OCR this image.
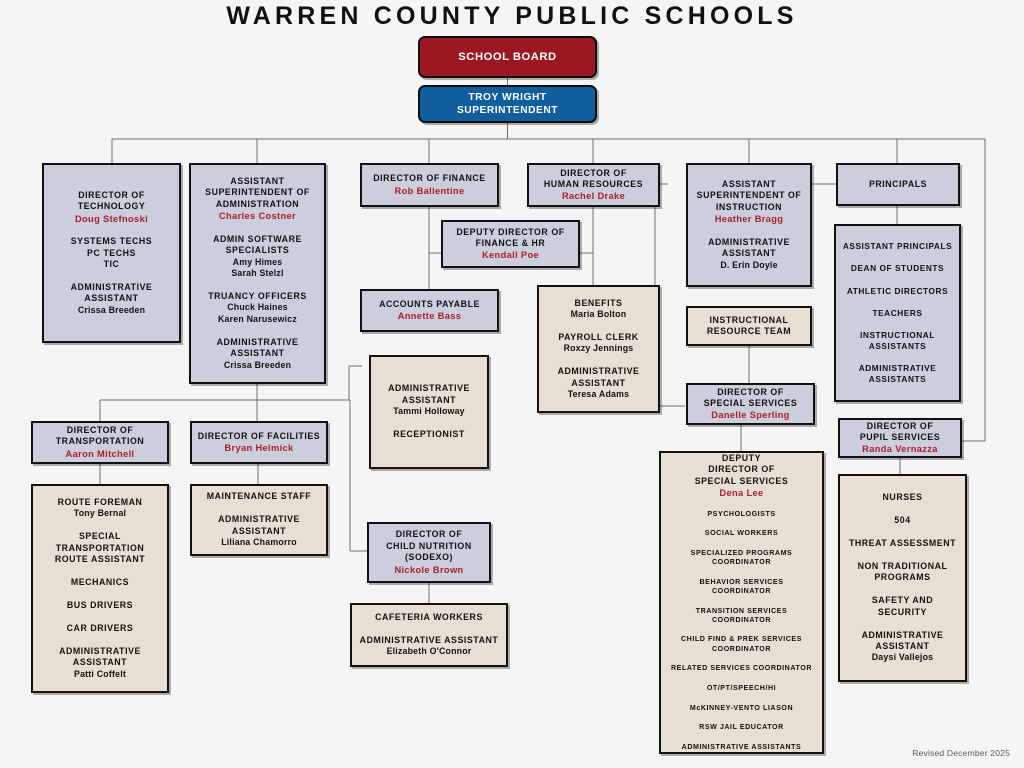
WARREN COUNTY PUBLIC SCHOOLS
SCHOOL BOARD
TROY WRIGHT
SUPERINTENDENT
DIRECTOR OF
TECHNOLOGY
Doug Stefnoski
SYSTEMS TECHS
PC TECHS
TIC
ADMINISTRATIVE
ASSISTANT
Crissa Breeden
ASSISTANT
SUPERINTENDENT OF
ADMINISTRATION
Charles Costner
ADMIN SOFTWARE
SPECIALISTS
Amy Himes
Sarah Stelzl
TRUANCY OFFICERS
Chuck Haines
Karen Narusewicz
ADMINISTRATIVE
ASSISTANT
Crissa Breeden
DIRECTOR OF FINANCE
Rob Ballentine
DEPUTY DIRECTOR OF
FINANCE & HR
Kendall Poe
ACCOUNTS PAYABLE
Annette Bass
DIRECTOR OF
HUMAN RESOURCES
Rachel Drake
BENEFITS
Maria Bolton
PAYROLL CLERK
Roxzy Jennings
ADMINISTRATIVE
ASSISTANT
Teresa Adams
ASSISTANT
SUPERINTENDENT OF
INSTRUCTION
Heather Bragg
ADMINISTRATIVE
ASSISTANT
D. Erin Doyle
INSTRUCTIONAL
RESOURCE TEAM
PRINCIPALS
ASSISTANT PRINCIPALS
DEAN OF STUDENTS
ATHLETIC DIRECTORS
TEACHERS
INSTRUCTIONAL
ASSISTANTS
ADMINISTRATIVE
ASSISTANTS
DIRECTOR OF
SPECIAL SERVICES
Danelle Sperling
DEPUTY
DIRECTOR OF
SPECIAL SERVICES
Dena Lee
PSYCHOLOGISTS
SOCIAL WORKERS
SPECIALIZED PROGRAMS
COORDINATOR
BEHAVIOR SERVICES
COORDINATOR
TRANSITION SERVICES
COORDINATOR
CHILD FIND & PREK SERVICES
COORDINATOR
RELATED SERVICES COORDINATOR
OT/PT/SPEECH/HI
McKINNEY-VENTO LIASON
RSW JAIL EDUCATOR
ADMINISTRATIVE ASSISTANTS
DIRECTOR OF
PUPIL SERVICES
Randa Vernazza
NURSES
504
THREAT ASSESSMENT
NON TRADITIONAL
PROGRAMS
SAFETY AND
SECURITY
ADMINISTRATIVE
ASSISTANT
Daysi Vallejos
DIRECTOR OF
TRANSPORTATION
Aaron Mitchell
ROUTE FOREMAN
Tony Bernal
SPECIAL
TRANSPORTATION
ROUTE ASSISTANT
MECHANICS
BUS DRIVERS
CAR DRIVERS
ADMINISTRATIVE
ASSISTANT
Patti Coffelt
DIRECTOR OF FACILITIES
Bryan Helmick
MAINTENANCE STAFF
ADMINISTRATIVE
ASSISTANT
Liliana Chamorro
ADMINISTRATIVE
ASSISTANT
Tammi Holloway
RECEPTIONIST
DIRECTOR OF
CHILD NUTRITION
(SODEXO)
Nickole Brown
CAFETERIA WORKERS
ADMINISTRATIVE ASSISTANT
Elizabeth O'Connor
Revised December 2025
